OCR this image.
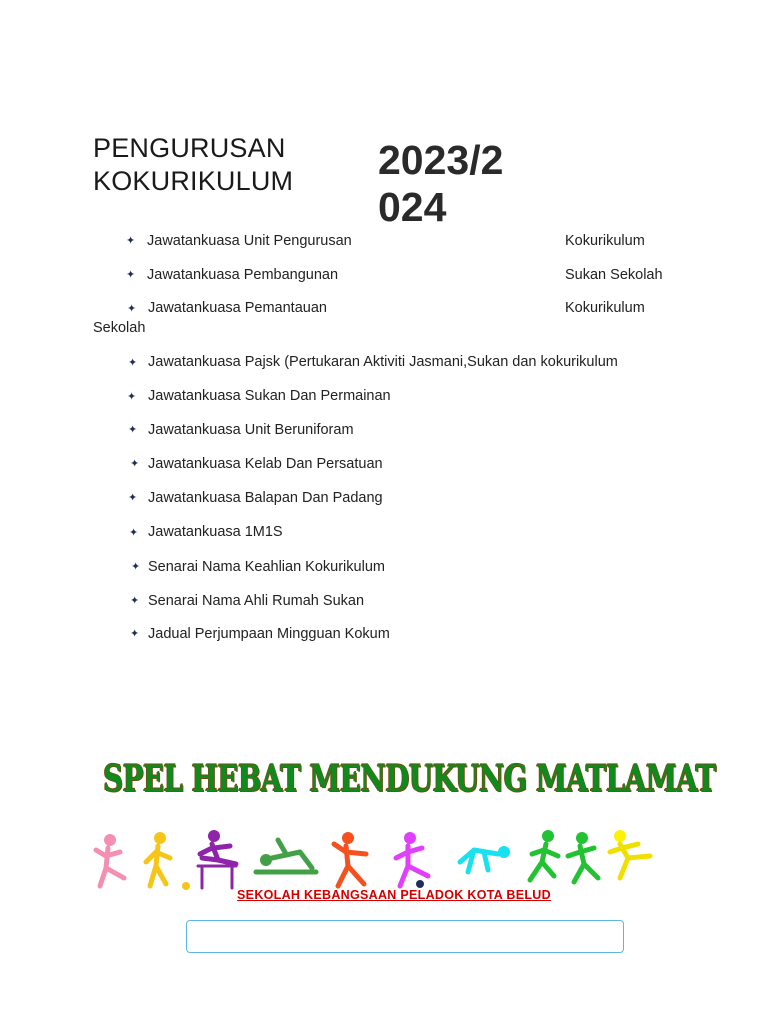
PENGURUSAN
KOKURIKULUM 2023/2
024
✦ Jawatankuasa Unit Pengurusan	Kokurikulum
✦ Jawatankuasa Pembangunan	Sukan Sekolah
✦ Jawatankuasa Pemantauan	Kokurikulum
Sekolah
✦ Jawatankuasa Pajsk (Pertukaran Aktiviti Jasmani,Sukan dan kokurikulum
✦ Jawatankuasa Sukan Dan Permainan
✦ Jawatankuasa Unit Beruniforam
✦ Jawatankuasa Kelab Dan Persatuan
✦ Jawatankuasa Balapan Dan Padang
✦ Jawatankuasa 1M1S
✦ Senarai Nama Keahlian Kokurikulum
✦ Senarai Nama Ahli Rumah Sukan
✦ Jadual Perjumpaan Mingguan Kokum
SPEL HEBAT MENDUKUNG MATLAMAT
SEKOLAH KEBANGSAAN PELADOK KOTA BELUD
